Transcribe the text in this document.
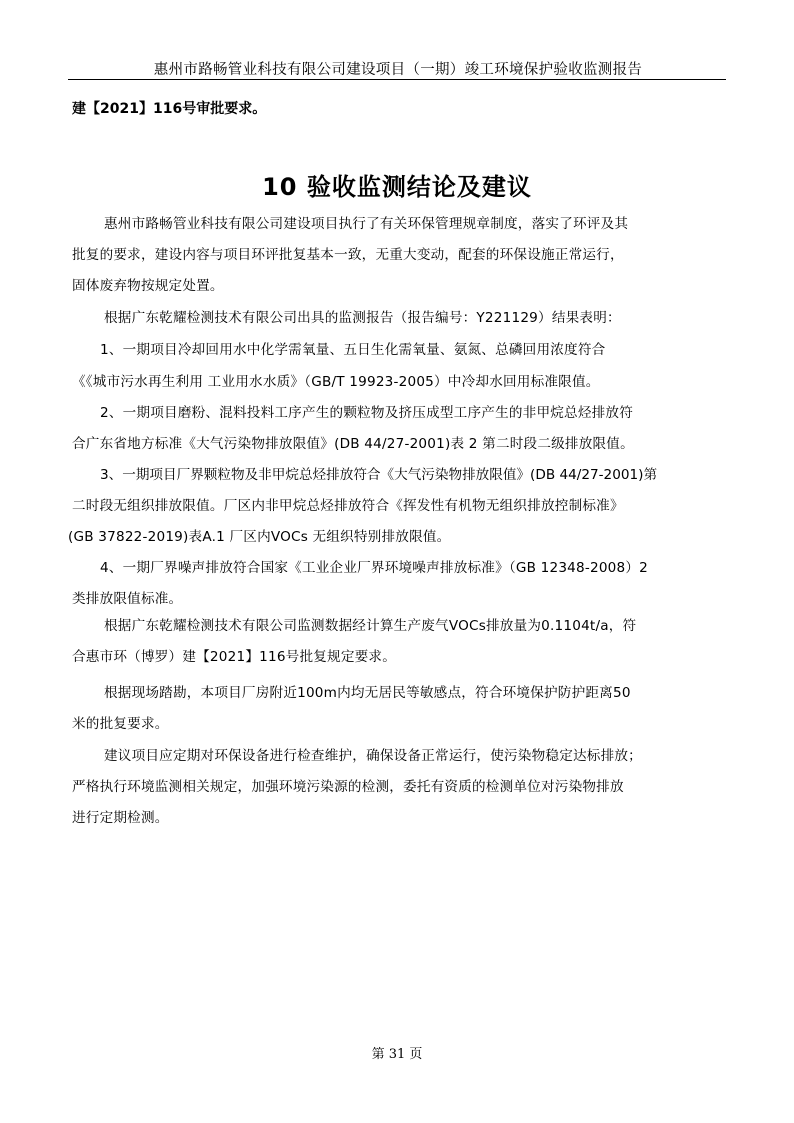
惠州市路畅管业科技有限公司建设项目（一期）竣工环境保护验收监测报告
建【2021】116号审批要求。
10 验收监测结论及建议
惠州市路畅管业科技有限公司建设项目执行了有关环保管理规章制度，落实了环评及其
批复的要求，建设内容与项目环评批复基本一致，无重大变动，配套的环保设施正常运行，
固体废弃物按规定处置。
根据广东乾耀检测技术有限公司出具的监测报告（报告编号：Y221129）结果表明：
1、一期项目冷却回用水中化学需氧量、五日生化需氧量、氨氮、总磷回用浓度符合
《《城市污水再生利用 工业用水水质》（GB/T 19923-2005）中冷却水回用标准限值。
2、一期项目磨粉、混料投料工序产生的颗粒物及挤压成型工序产生的非甲烷总烃排放符
合广东省地方标准《大气污染物排放限值》(DB 44/27-2001)表 2 第二时段二级排放限值。
3、一期项目厂界颗粒物及非甲烷总烃排放符合《大气污染物排放限值》(DB 44/27-2001)第
二时段无组织排放限值。厂区内非甲烷总烃排放符合《挥发性有机物无组织排放控制标准》
(GB 37822-2019)表A.1 厂区内VOCs 无组织特别排放限值。
4、一期厂界噪声排放符合国家《工业企业厂界环境噪声排放标准》（GB 12348-2008）2
类排放限值标准。
根据广东乾耀检测技术有限公司监测数据经计算生产废气VOCs排放量为0.1104t/a，符
合惠市环（博罗）建【2021】116号批复规定要求。
根据现场踏勘，本项目厂房附近100m内均无居民等敏感点，符合环境保护防护距离50
米的批复要求。
建议项目应定期对环保设备进行检查维护，确保设备正常运行，使污染物稳定达标排放；
严格执行环境监测相关规定，加强环境污染源的检测，委托有资质的检测单位对污染物排放
进行定期检测。
第 31 页
